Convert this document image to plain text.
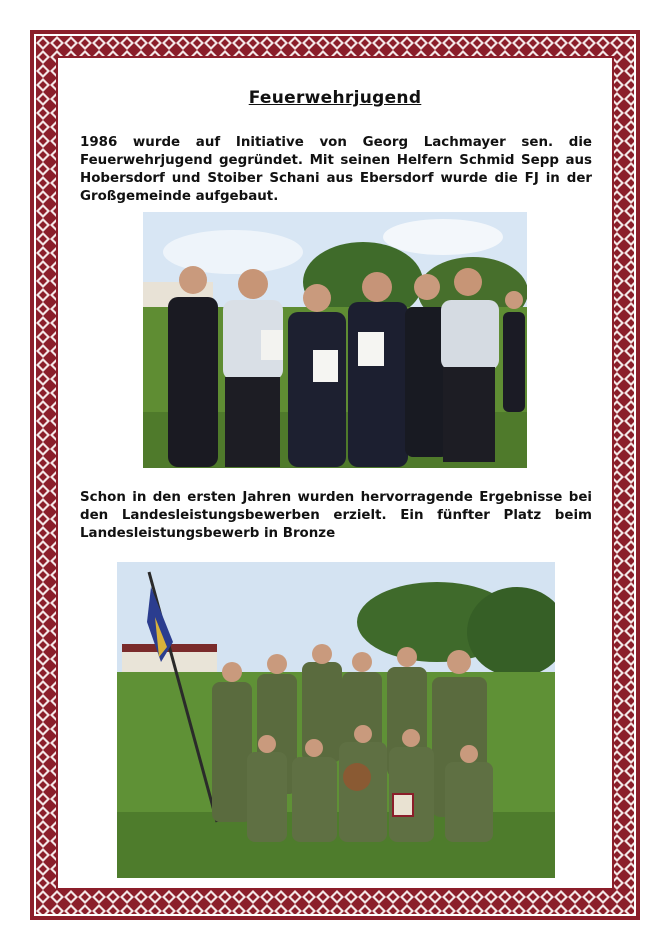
Feuerwehrjugend

1986 wurde auf Initiative von Georg Lachmayer sen. die Feuerwehrjugend gegründet. Mit seinen Helfern Schmid Sepp aus Hobersdorf und Stoiber Schani aus Ebersdorf wurde die FJ in der Großgemeinde aufgebaut.

Schon in den ersten Jahren wurden hervorragende Ergebnisse bei den Landesleistungsbewerben erzielt. Ein fünfter Platz beim Landesleistungsbewerb in Bronze
